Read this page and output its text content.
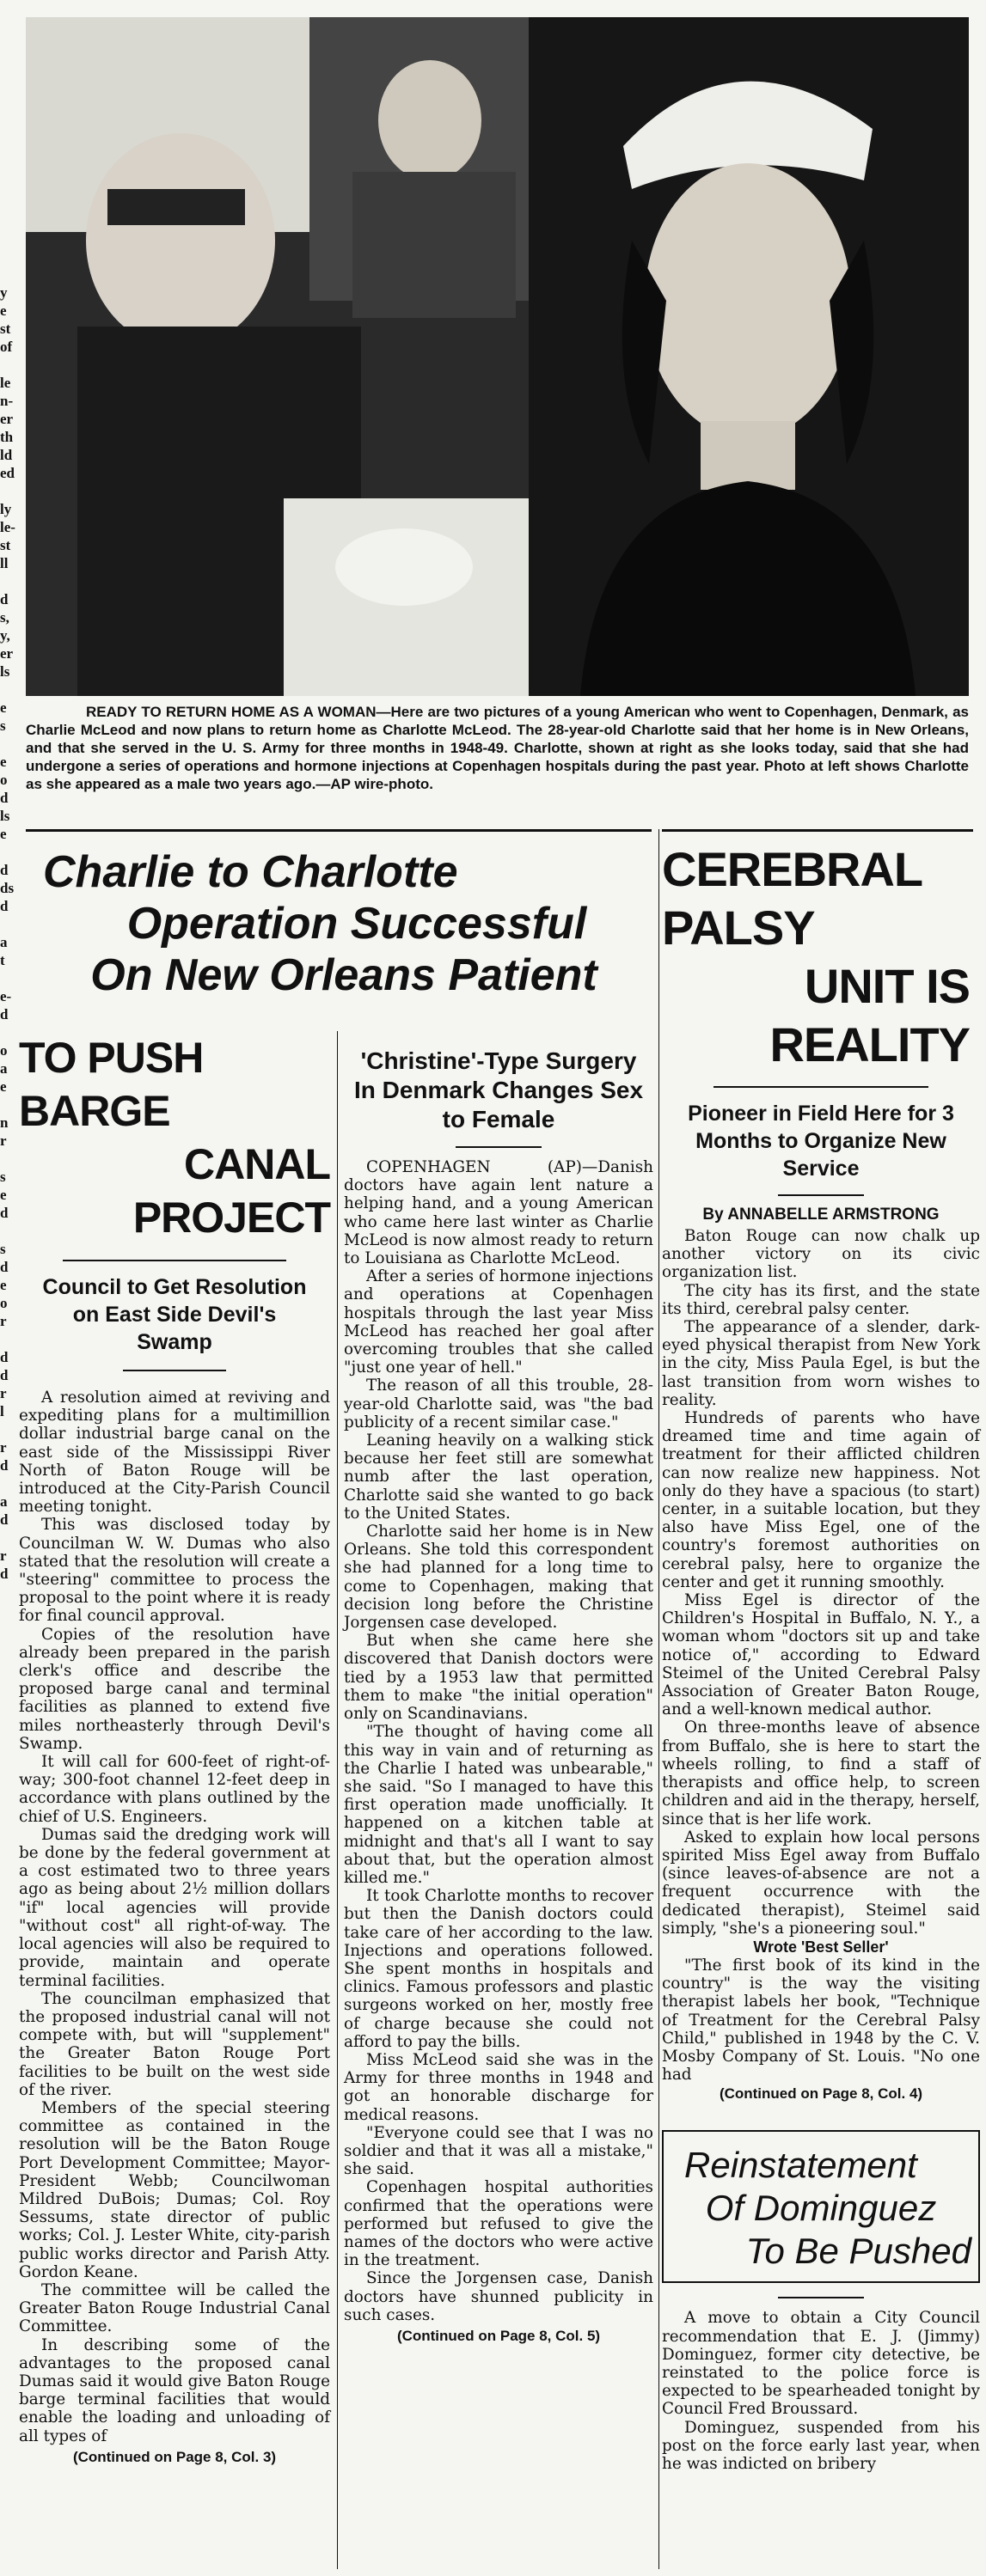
y
e
st
of
le
n-
er
th
ld
ed
ly
le-
st
ll
d
s,
y,
er
ls
e
s
e
o
d
ls
e
d
ds
d
a
t
e-
d
o
a
e
n
r
s
e
d
s
d
e
o
r
d
d
r
l
r
d
a
d
r
d
READY TO RETURN HOME AS A WOMAN—Here are two pictures of a young American who went to Copenhagen, Denmark, as Charlie McLeod and now plans to return home as Charlotte McLeod. The 28-year-old Charlotte said that her home is in New Orleans, and that she served in the U. S. Army for three months in 1948-49. Charlotte, shown at right as she looks today, said that she had undergone a series of operations and hormone injections at Copenhagen hospitals during the past year. Photo at left shows Charlotte as she appeared as a male two years ago.—AP wire-photo.
Charlie to Charlotte
Operation Successful
On New Orleans Patient
TO PUSH BARGE
CANAL PROJECT
Council to Get Resolution on East Side Devil's Swamp

A resolution aimed at reviving and expediting plans for a multimillion dollar industrial barge canal on the east side of the Mississippi River North of Baton Rouge will be introduced at the City-Parish Council meeting tonight.

This was disclosed today by Councilman W. W. Dumas who also stated that the resolution will create a "steering" committee to process the proposal to the point where it is ready for final council approval.

Copies of the resolution have already been prepared in the parish clerk's office and describe the proposed barge canal and terminal facilities as planned to extend five miles northeasterly through Devil's Swamp.

It will call for 600-feet of right-of-way; 300-foot channel 12-feet deep in accordance with plans outlined by the chief of U.S. Engineers.

Dumas said the dredging work will be done by the federal government at a cost estimated two to three years ago as being about 2½ million dollars "if" local agencies will provide "without cost" all right-of-way. The local agencies will also be required to provide, maintain and operate terminal facilities.

The councilman emphasized that the proposed industrial canal will not compete with, but will "supplement" the Greater Baton Rouge Port facilities to be built on the west side of the river.

Members of the special steering committee as contained in the resolution will be the Baton Rouge Port Development Committee; Mayor-President Webb; Councilwoman Mildred DuBois; Dumas; Col. Roy Sessums, state director of public works; Col. J. Lester White, city-parish public works director and Parish Atty. Gordon Keane.

The committee will be called the Greater Baton Rouge Industrial Canal Committee.

In describing some of the advantages to the proposed canal Dumas said it would give Baton Rouge barge terminal facilities that would enable the loading and unloading of all types of

(Continued on Page 8, Col. 3)
'Christine'-Type Surgery In Denmark Changes Sex to Female

COPENHAGEN (AP)—Danish doctors have again lent nature a helping hand, and a young American who came here last winter as Charlie McLeod is now almost ready to return to Louisiana as Charlotte McLeod.

After a series of hormone injections and operations at Copenhagen hospitals through the last year Miss McLeod has reached her goal after overcoming troubles that she called "just one year of hell."

The reason of all this trouble, 28-year-old Charlotte said, was "the bad publicity of a recent similar case."

Leaning heavily on a walking stick because her feet still are somewhat numb after the last operation, Charlotte said she wanted to go back to the United States.

Charlotte said her home is in New Orleans. She told this correspondent she had planned for a long time to come to Copenhagen, making that decision long before the Christine Jorgensen case developed.

But when she came here she discovered that Danish doctors were tied by a 1953 law that permitted them to make "the initial operation" only on Scandinavians.

"The thought of having come all this way in vain and of returning as the Charlie I hated was unbearable," she said. "So I managed to have this first operation made unofficially. It happened on a kitchen table at midnight and that's all I want to say about that, but the operation almost killed me."

It took Charlotte months to recover but then the Danish doctors could take care of her according to the law. Injections and operations followed. She spent months in hospitals and clinics. Famous professors and plastic surgeons worked on her, mostly free of charge because she could not afford to pay the bills.

Miss McLeod said she was in the Army for three months in 1948 and got an honorable discharge for medical reasons.

"Everyone could see that I was no soldier and that it was all a mistake," she said.

Copenhagen hospital authorities confirmed that the operations were performed but refused to give the names of the doctors who were active in the treatment.

Since the Jorgensen case, Danish doctors have shunned publicity in such cases.

(Continued on Page 8, Col. 5)
CEREBRAL PALSY
UNIT IS REALITY
Pioneer in Field Here for 3 Months to Organize New Service
By ANNABELLE ARMSTRONG

Baton Rouge can now chalk up another victory on its civic organization list.

The city has its first, and the state its third, cerebral palsy center.

The appearance of a slender, dark-eyed physical therapist from New York in the city, Miss Paula Egel, is but the last transition from worn wishes to reality.

Hundreds of parents who have dreamed time and time again of treatment for their afflicted children can now realize new happiness. Not only do they have a spacious (to start) center, in a suitable location, but they also have Miss Egel, one of the country's foremost authorities on cerebral palsy, here to organize the center and get it running smoothly.

Miss Egel is director of the Children's Hospital in Buffalo, N. Y., a woman whom "doctors sit up and take notice of," according to Edward Steimel of the United Cerebral Palsy Association of Greater Baton Rouge, and a well-known medical author.

On three-months leave of absence from Buffalo, she is here to start the wheels rolling, to find a staff of therapists and office help, to screen children and aid in the therapy, herself, since that is her life work.

Asked to explain how local persons spirited Miss Egel away from Buffalo (since leaves-of-absence are not a frequent occurrence with the dedicated therapist), Steimel said simply, "she's a pioneering soul."

Wrote 'Best Seller'

"The first book of its kind in the country" is the way the visiting therapist labels her book, "Technique of Treatment for the Cerebral Palsy Child," published in 1948 by the C. V. Mosby Company of St. Louis. "No one had

(Continued on Page 8, Col. 4)
Reinstatement
Of Dominguez
To Be Pushed

A move to obtain a City Council recommendation that E. J. (Jimmy) Dominguez, former city detective, be reinstated to the police force is expected to be spearheaded tonight by Council Fred Broussard.

Dominguez, suspended from his post on the force early last year, when he was indicted on bribery
